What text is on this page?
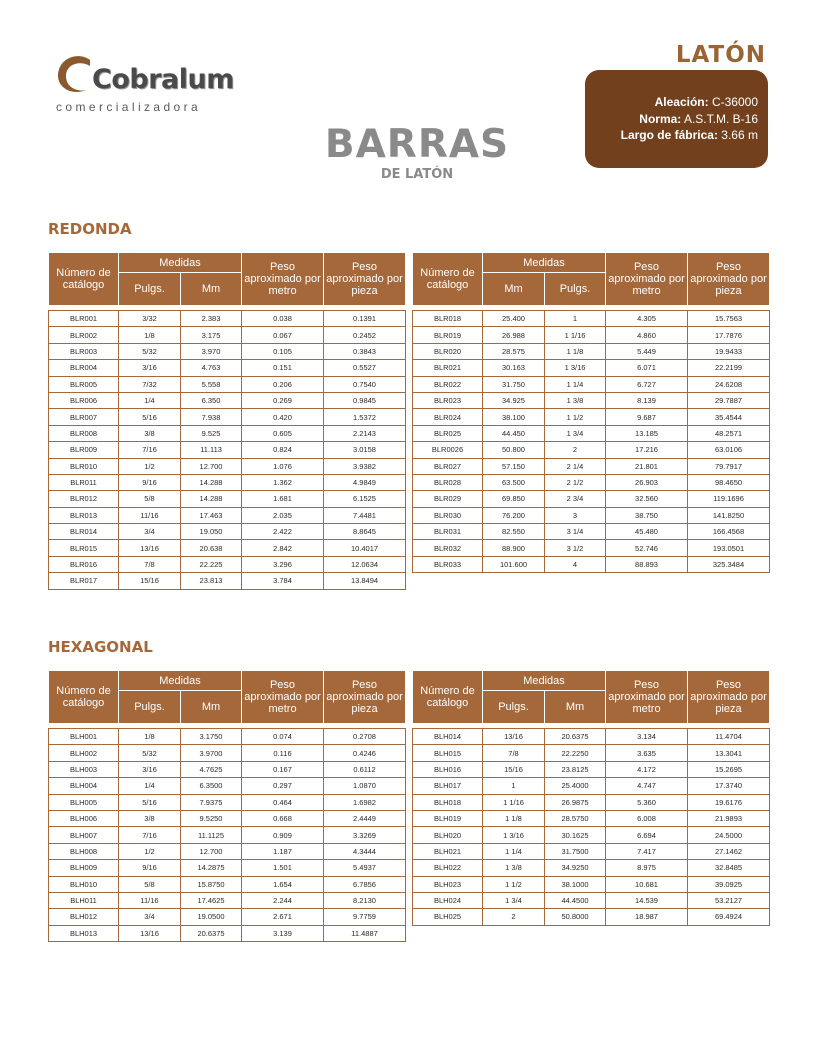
Cobralum
comercializadora
BARRAS
DE LATÓN
LATÓN
Aleación: C-36000
Norma: A.S.T.M. B-16
Largo de fábrica: 3.66 m
REDONDA
HEXAGONAL
Número de catálogo	Medidas		Peso aproximado por metro	Peso aproximado por pieza
	Pulgs.	Mm		

BLR001	3/32	2.383	0.038	0.1391
BLR002	1/8	3.175	0.067	0.2452
BLR003	5/32	3.970	0.105	0.3843
BLR004	3/16	4.763	0.151	0.5527
BLR005	7/32	5.558	0.206	0.7540
BLR006	1/4	6.350	0.269	0.9845
BLR007	5/16	7.938	0.420	1.5372
BLR008	3/8	9.525	0.605	2.2143
BLR009	7/16	11.113	0.824	3.0158
BLR010	1/2	12.700	1.076	3.9382
BLR011	9/16	14.288	1.362	4.9849
BLR012	5/8	14.288	1.681	6.1525
BLR013	11/16	17.463	2.035	7.4481
BLR014	3/4	19.050	2.422	8.8645
BLR015	13/16	20.638	2.842	10.4017
BLR016	7/8	22.225	3.296	12.0634
BLR017	15/16	23.813	3.784	13.8494
Número de catálogo	Medidas		Peso aproximado por metro	Peso aproximado por pieza
	Mm	Pulgs.		

BLR018	25.400	1	4.305	15.7563
BLR019	26.988	1 1/16	4.860	17.7876
BLR020	28.575	1 1/8	5.449	19.9433
BLR021	30.163	1 3/16	6.071	22.2199
BLR022	31.750	1 1/4	6.727	24.6208
BLR023	34.925	1 3/8	8.139	29.7887
BLR024	38.100	1 1/2	9.687	35.4544
BLR025	44.450	1 3/4	13.185	48.2571
BLR0026	50.800	2	17.216	63.0106
BLR027	57.150	2 1/4	21.801	79.7917
BLR028	63.500	2 1/2	26.903	98.4650
BLR029	69.850	2 3/4	32.560	119.1696
BLR030	76.200	3	38.750	141.8250
BLR031	82.550	3 1/4	45.480	166.4568
BLR032	88.900	3 1/2	52.746	193.0501
BLR033	101.600	4	88.893	325.3484
Número de catálogo	Medidas		Peso aproximado por metro	Peso aproximado por pieza
	Pulgs.	Mm		

BLH001	1/8	3.1750	0.074	0.2708
BLH002	5/32	3.9700	0.116	0.4246
BLH003	3/16	4.7625	0.167	0.6112
BLH004	1/4	6.3500	0.297	1.0870
BLH005	5/16	7.9375	0.464	1.6982
BLH006	3/8	9.5250	0.668	2.4449
BLH007	7/16	11.1125	0.909	3.3269
BLH008	1/2	12.700	1.187	4.3444
BLH009	9/16	14.2875	1.501	5.4937
BLH010	5/8	15.8750	1.654	6.7856
BLH011	11/16	17.4625	2.244	8.2130
BLH012	3/4	19.0500	2.671	9.7759
BLH013	13/16	20.6375	3.139	11.4887
Número de catálogo	Medidas		Peso aproximado por metro	Peso aproximado por pieza
	Pulgs.	Mm		

BLH014	13/16	20.6375	3.134	11.4704
BLH015	7/8	22.2250	3.635	13.3041
BLH016	15/16	23.8125	4.172	15.2695
BLH017	1	25.4000	4.747	17.3740
BLH018	1 1/16	26.9875	5.360	19.6176
BLH019	1 1/8	28.5750	6.008	21.9893
BLH020	1 3/16	30.1625	6.694	24.5000
BLH021	1 1/4	31.7500	7.417	27.1462
BLH022	1 3/8	34.9250	8.975	32.8485
BLH023	1 1/2	38.1000	10.681	39.0925
BLH024	1 3/4	44.4500	14.539	53.2127
BLH025	2	50.8000	18.987	69.4924
